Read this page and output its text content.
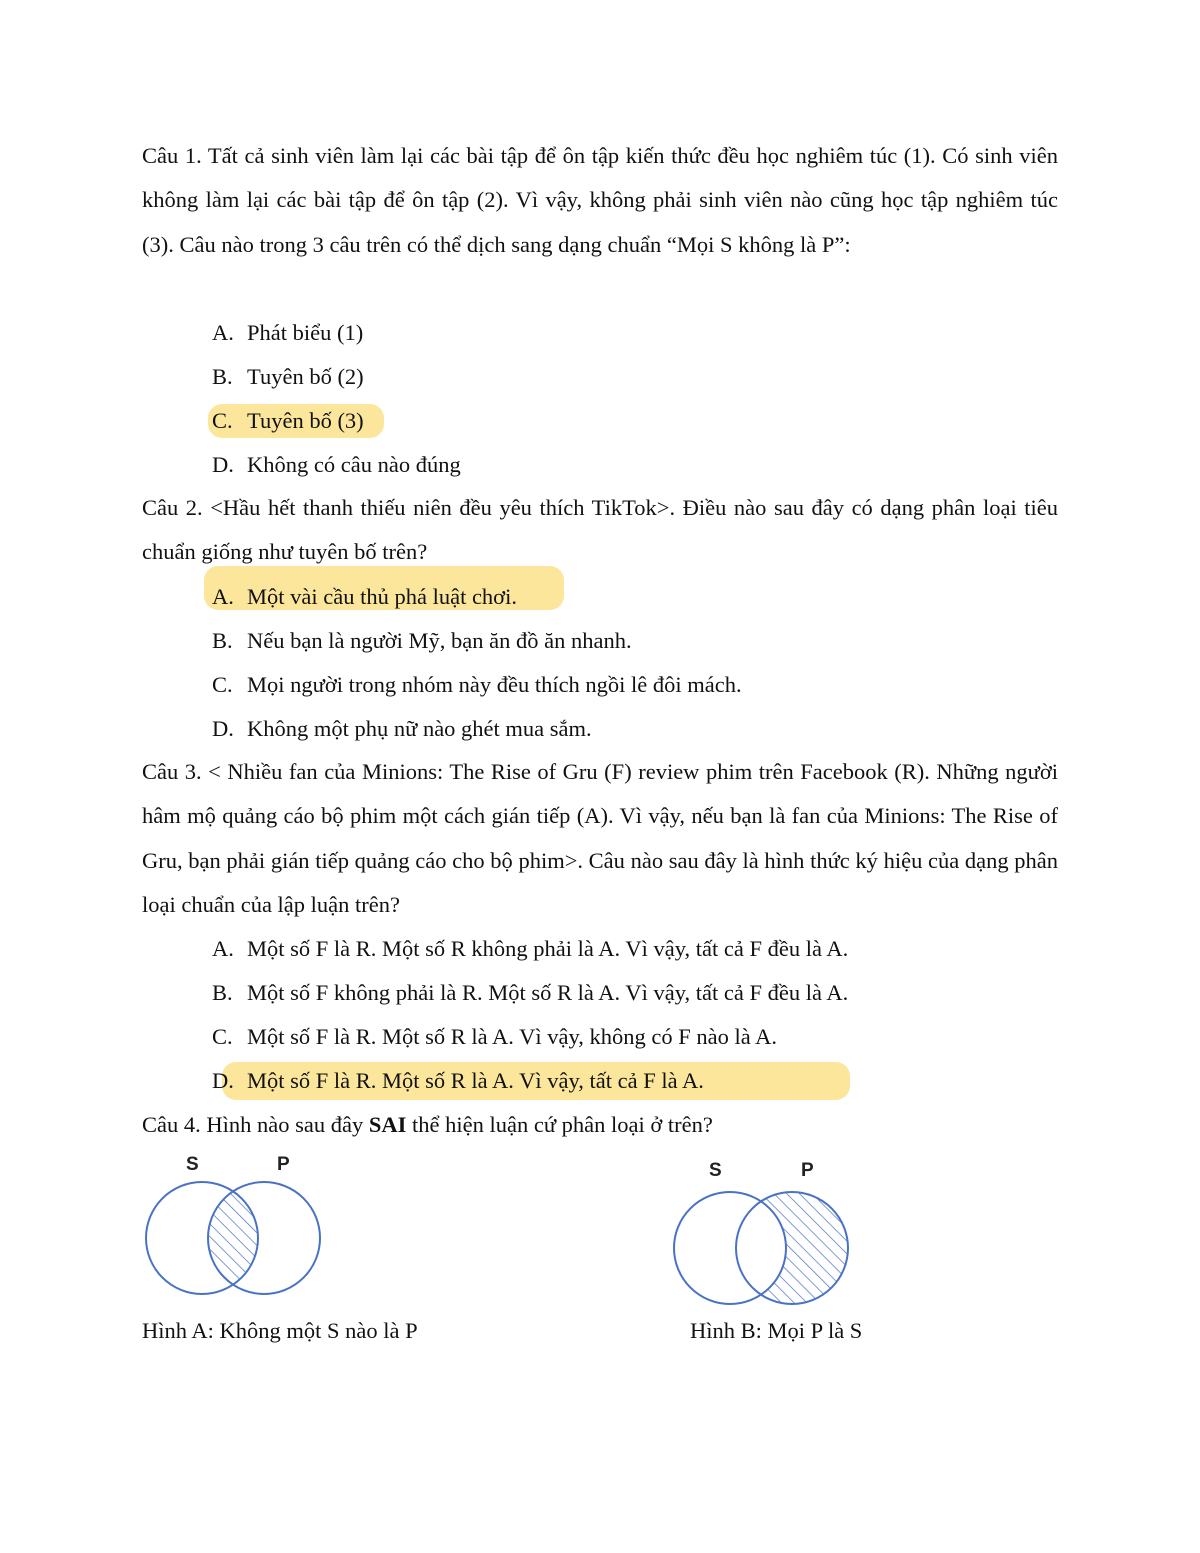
Câu 1. Tất cả sinh viên làm lại các bài tập để ôn tập kiến thức đều học nghiêm túc (1). Có sinh viên không làm lại các bài tập để ôn tập (2). Vì vậy, không phải sinh viên nào cũng học tập nghiêm túc (3). Câu nào trong 3 câu trên có thể dịch sang dạng chuẩn “Mọi S không là P”:

A. Phát biểu (1)
B. Tuyên bố (2)
C. Tuyên bố (3)
D. Không có câu nào đúng

Câu 2. <Hầu hết thanh thiếu niên đều yêu thích TikTok>. Điều nào sau đây có dạng phân loại tiêu chuẩn giống như tuyên bố trên?

A. Một vài cầu thủ phá luật chơi.
B. Nếu bạn là người Mỹ, bạn ăn đồ ăn nhanh.
C. Mọi người trong nhóm này đều thích ngồi lê đôi mách.
D. Không một phụ nữ nào ghét mua sắm.

Câu 3. < Nhiều fan của Minions: The Rise of Gru (F) review phim trên Facebook (R). Những người hâm mộ quảng cáo bộ phim một cách gián tiếp (A). Vì vậy, nếu bạn là fan của Minions: The Rise of Gru, bạn phải gián tiếp quảng cáo cho bộ phim>. Câu nào sau đây là hình thức ký hiệu của dạng phân loại chuẩn của lập luận trên?

A. Một số F là R. Một số R không phải là A. Vì vậy, tất cả F đều là A.
B. Một số F không phải là R. Một số R là A. Vì vậy, tất cả F đều là A.
C. Một số F là R. Một số R là A. Vì vậy, không có F nào là A.
D. Một số F là R. Một số R là A. Vì vậy, tất cả F là A.
Câu 4. Hình nào sau đây SAI thể hiện luận cứ phân loại ở trên?
S	P
Hình A: Không một S nào là P
S	P
Hình B: Mọi P là S
